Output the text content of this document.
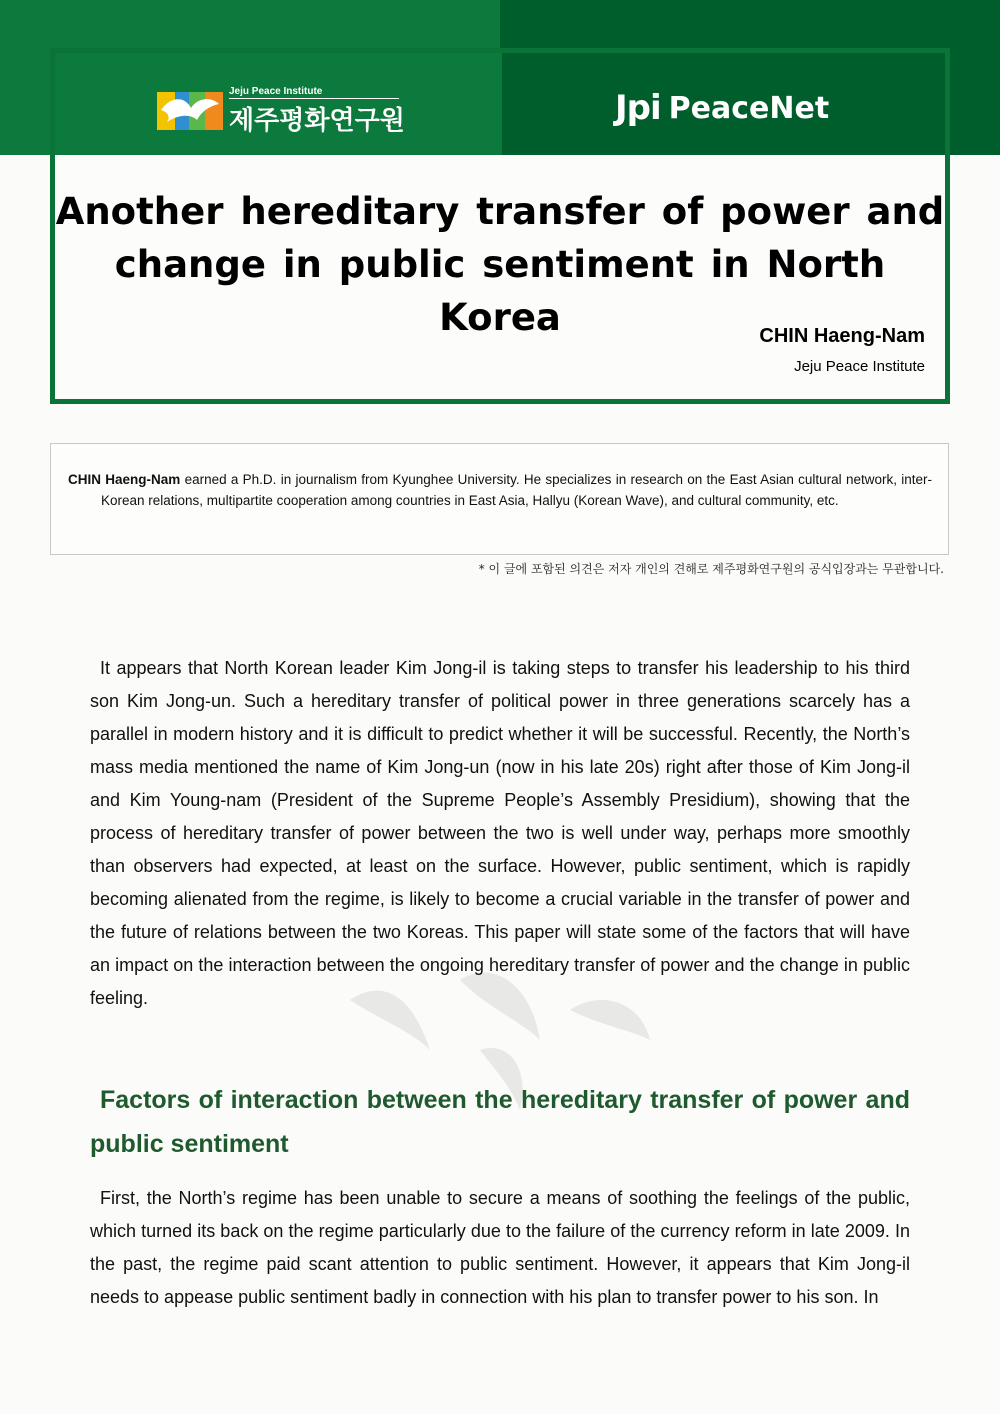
Jeju Peace Institute
제주평화연구원	Jpi PeaceNet
Another hereditary transfer of power and change in public sentiment in North Korea	CHIN Haeng-Nam
Jeju Peace Institute
CHIN Haeng-Nam earned a Ph.D. in journalism from Kyunghee University. He specializes in research on the East Asian cultural network, inter-Korean relations, multipartite cooperation among countries in East Asia, Hallyu (Korean Wave), and cultural community, etc.
* 이 글에 포함된 의견은 저자 개인의 견해로 제주평화연구원의 공식입장과는 무관합니다.
It appears that North Korean leader Kim Jong-il is taking steps to transfer his leadership to his third son Kim Jong-un. Such a hereditary transfer of political power in three generations scarcely has a parallel in modern history and it is difficult to predict whether it will be successful. Recently, the North’s mass media mentioned the name of Kim Jong-un (now in his late 20s) right after those of Kim Jong-il and Kim Young-nam (President of the Supreme People’s Assembly Presidium), showing that the process of hereditary transfer of power between the two is well under way, perhaps more smoothly than observers had expected, at least on the surface. However, public sentiment, which is rapidly becoming alienated from the regime, is likely to become a crucial variable in the transfer of power and the future of relations between the two Koreas. This paper will state some of the factors that will have an impact on the interaction between the ongoing hereditary transfer of power and the change in public feeling.
Factors of interaction between the hereditary transfer of power and public sentiment
First, the North’s regime has been unable to secure a means of soothing the feelings of the public, which turned its back on the regime particularly due to the failure of the currency reform in late 2009. In the past, the regime paid scant attention to public sentiment. However, it appears that Kim Jong-il needs to appease public sentiment badly in connection with his plan to transfer power to his son. In
